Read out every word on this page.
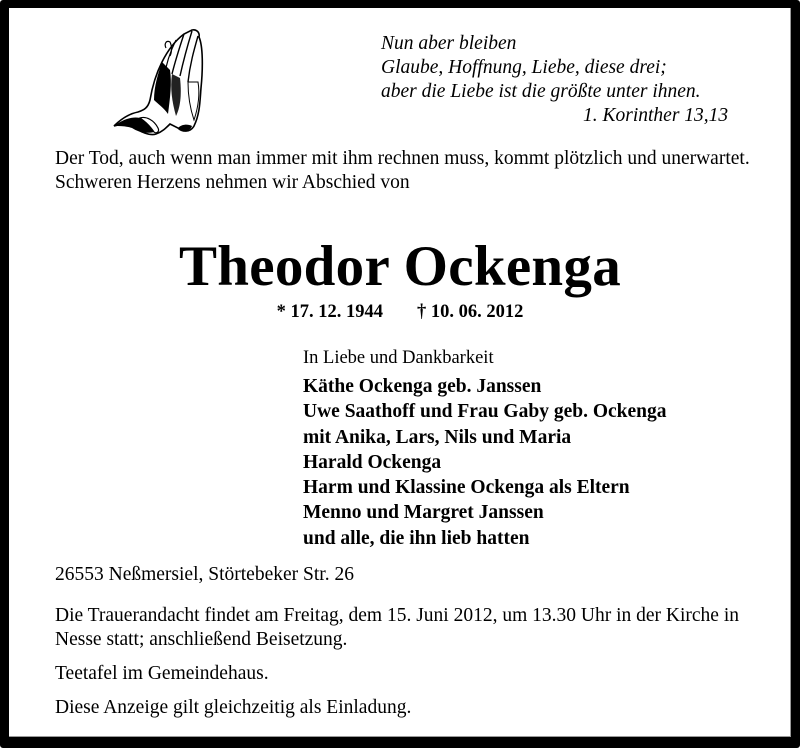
Nun aber bleiben
Glaube, Hoffnung, Liebe, diese drei;
aber die Liebe ist die größte unter ihnen.
1. Korinther 13,13
Der Tod, auch wenn man immer mit ihm rechnen muss, kommt plötzlich und unerwartet.
Schweren Herzens nehmen wir Abschied von
Theodor Ockenga
* 17. 12. 1944 † 10. 06. 2012
In Liebe und Dankbarkeit
Käthe Ockenga geb. Janssen
Uwe Saathoff und Frau Gaby geb. Ockenga
mit Anika, Lars, Nils und Maria
Harald Ockenga
Harm und Klassine Ockenga als Eltern
Menno und Margret Janssen
und alle, die ihn lieb hatten
26553 Neßmersiel, Störtebeker Str. 26

Die Trauerandacht findet am Freitag, dem 15. Juni 2012, um 13.30 Uhr in der Kirche in Nesse statt; anschließend Beisetzung.

Teetafel im Gemeindehaus.

Diese Anzeige gilt gleichzeitig als Einladung.
